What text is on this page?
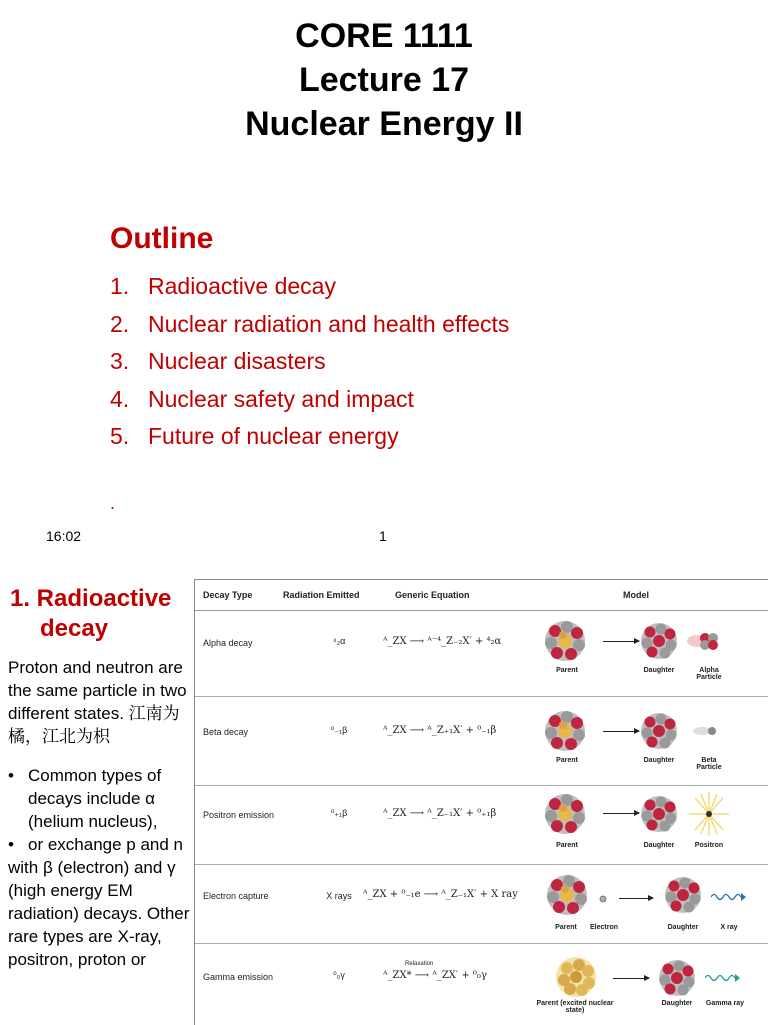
CORE 1111
Lecture 17
Nuclear Energy II
Outline
1. Radioactive decay
2. Nuclear radiation and health effects
3. Nuclear disasters
4. Nuclear safety and impact
5. Future of nuclear energy
.
16:02	1
1. Radioactive
decay

Proton and neutron are the same particle in two different states. 江南为橘，江北为枳

• Common types of decays include α (helium nucleus),
• or exchange p and n with β (electron) and γ (high energy EM radiation) decays. Other rare types are X-ray, positron, proton or
Decay Type	Radiation Emitted	Generic Equation	Model
Alpha decay	⁴₂α	ᴬ_ZX ⟶ ᴬ⁻⁴_Z₋₂X′ + ⁴₂α
Parent	Daughter	Alpha Particle
Beta decay	⁰₋₁β	ᴬ_ZX ⟶ ᴬ_Z₊₁X′ + ⁰₋₁β
Parent	Daughter	Beta Particle
Positron emission	⁰₊₁β	ᴬ_ZX ⟶ ᴬ_Z₋₁X′ + ⁰₊₁β
Parent	Daughter	Positron
Electron capture	X rays	ᴬ_ZX + ⁰₋₁e ⟶ ᴬ_Z₋₁X′ + X ray
Parent	Electron	Daughter	X ray
Gamma emission	⁰₀γ	ᴬ_ZX* ⟶ ᴬ_ZX′ + ⁰₀γ
Relaxation
Parent (excited nuclear state)
Daughter	Gamma ray
